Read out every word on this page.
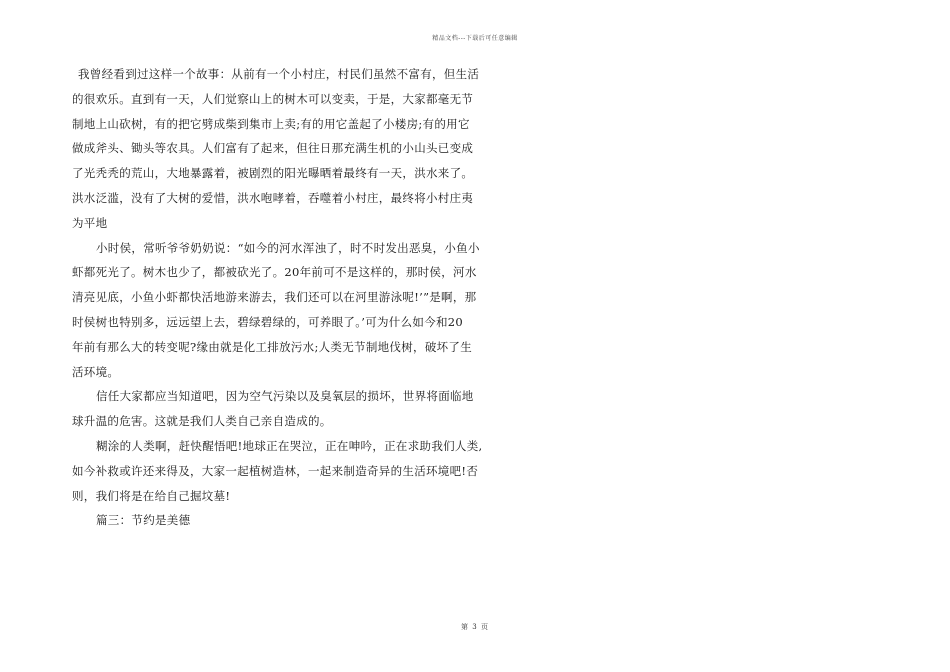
精品文档---下载后可任意编辑
我曾经看到过这样一个故事：从前有一个小村庄，村民们虽然不富有，但生活
的很欢乐。直到有一天，人们觉察山上的树木可以变卖，于是，大家都毫无节
制地上山砍树，有的把它劈成柴到集市上卖;有的用它盖起了小楼房;有的用它
做成斧头、锄头等农具。人们富有了起来，但往日那充满生机的小山头已变成
了光秃秃的荒山，大地暴露着，被剧烈的阳光曝晒着最终有一天，洪水来了。
洪水泛滥，没有了大树的爱惜，洪水咆哮着，吞噬着小村庄，最终将小村庄夷
为平地
小时侯，常听爷爷奶奶说：“如今的河水浑浊了，时不时发出恶臭，小鱼小
虾都死光了。树木也少了，都被砍光了。20年前可不是这样的，那时侯，河水
清亮见底，小鱼小虾都快活地游来游去，我们还可以在河里游泳呢!’”是啊，那
时侯树也特别多，远远望上去，碧绿碧绿的，可养眼了。’可为什么如今和20
年前有那么大的转变呢?缘由就是化工排放污水;人类无节制地伐树，破坏了生
活环境。
信任大家都应当知道吧，因为空气污染以及臭氧层的损坏，世界将面临地
球升温的危害。这就是我们人类自己亲自造成的。
糊涂的人类啊，赶快醒悟吧!地球正在哭泣，正在呻吟，正在求助我们人类,
如今补救或许还来得及，大家一起植树造林，一起来制造奇异的生活环境吧!否
则，我们将是在给自己掘坟墓!
篇三：节约是美德
第 3 页
